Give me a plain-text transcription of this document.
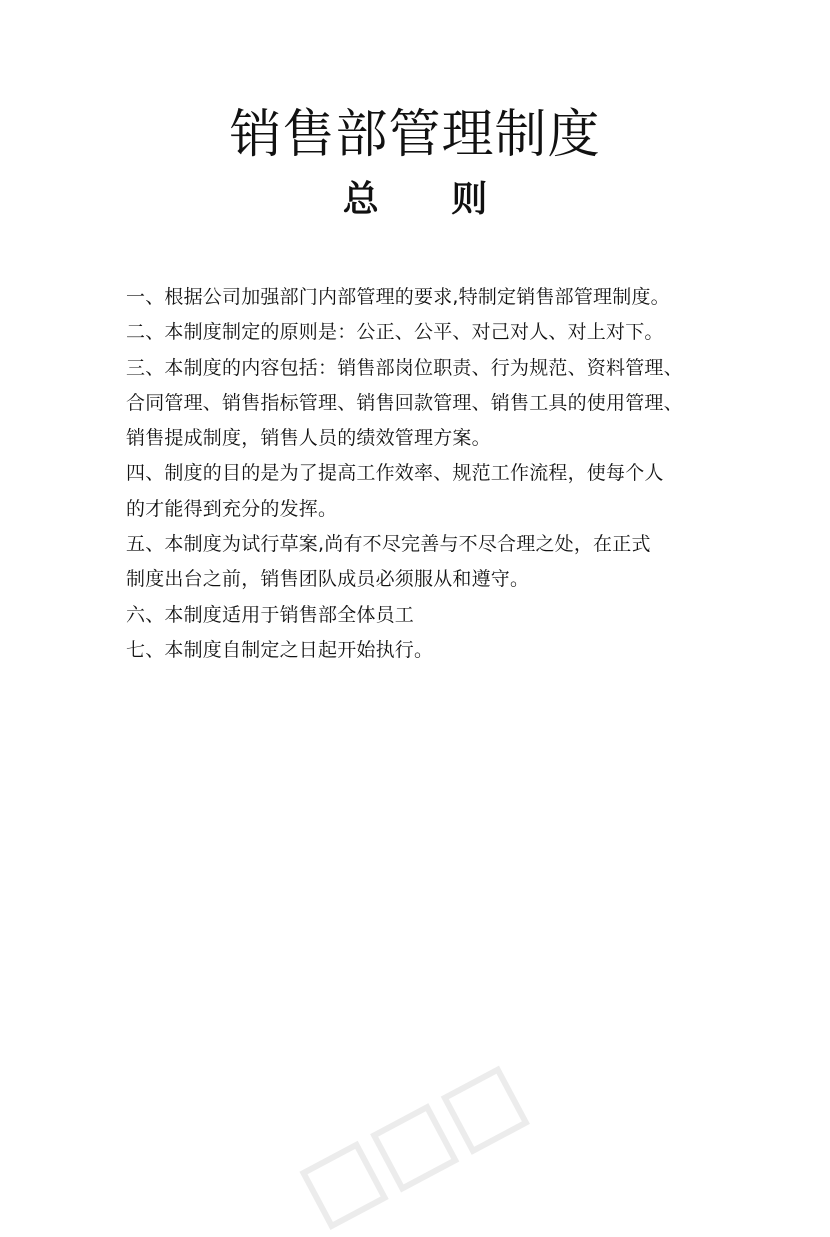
销售部管理制度
总 则
一、根据公司加强部门内部管理的要求,特制定销售部管理制度。
二、本制度制定的原则是：公正、公平、对己对人、对上对下。
三、本制度的内容包括：销售部岗位职责、行为规范、资料管理、
合同管理、销售指标管理、销售回款管理、销售工具的使用管理、
销售提成制度，销售人员的绩效管理方案。
四、制度的目的是为了提高工作效率、规范工作流程，使每个人
的才能得到充分的发挥。
五、本制度为试行草案,尚有不尽完善与不尽合理之处，在正式
制度出台之前，销售团队成员必须服从和遵守。
六、本制度适用于销售部全体员工
七、本制度自制定之日起开始执行。
